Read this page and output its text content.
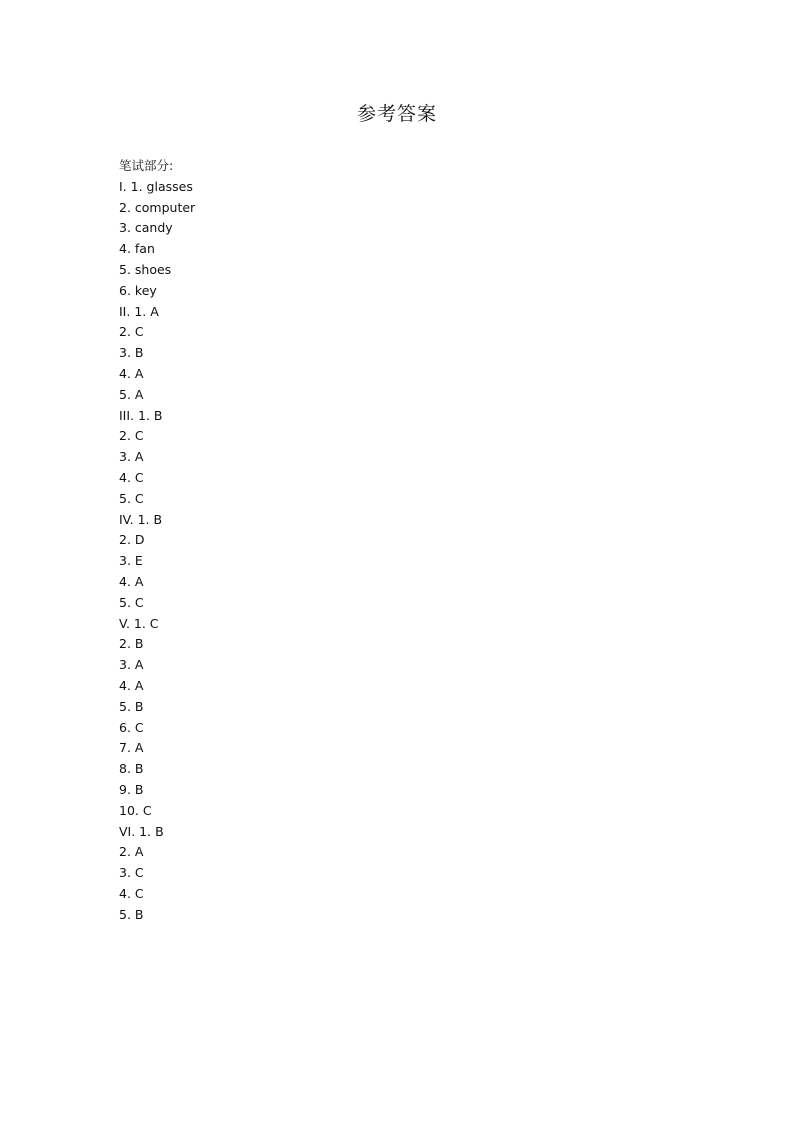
参考答案
笔试部分:
I. 1. glasses
2. computer
3. candy
4. fan
5. shoes
6. key
II. 1. A
2. C
3. B
4. A
5. A
III. 1. B
2. C
3. A
4. C
5. C
IV. 1. B
2. D
3. E
4. A
5. C
V. 1. C
2. B
3. A
4. A
5. B
6. C
7. A
8. B
9. B
10. C
VI. 1. B
2. A
3. C
4. C
5. B
